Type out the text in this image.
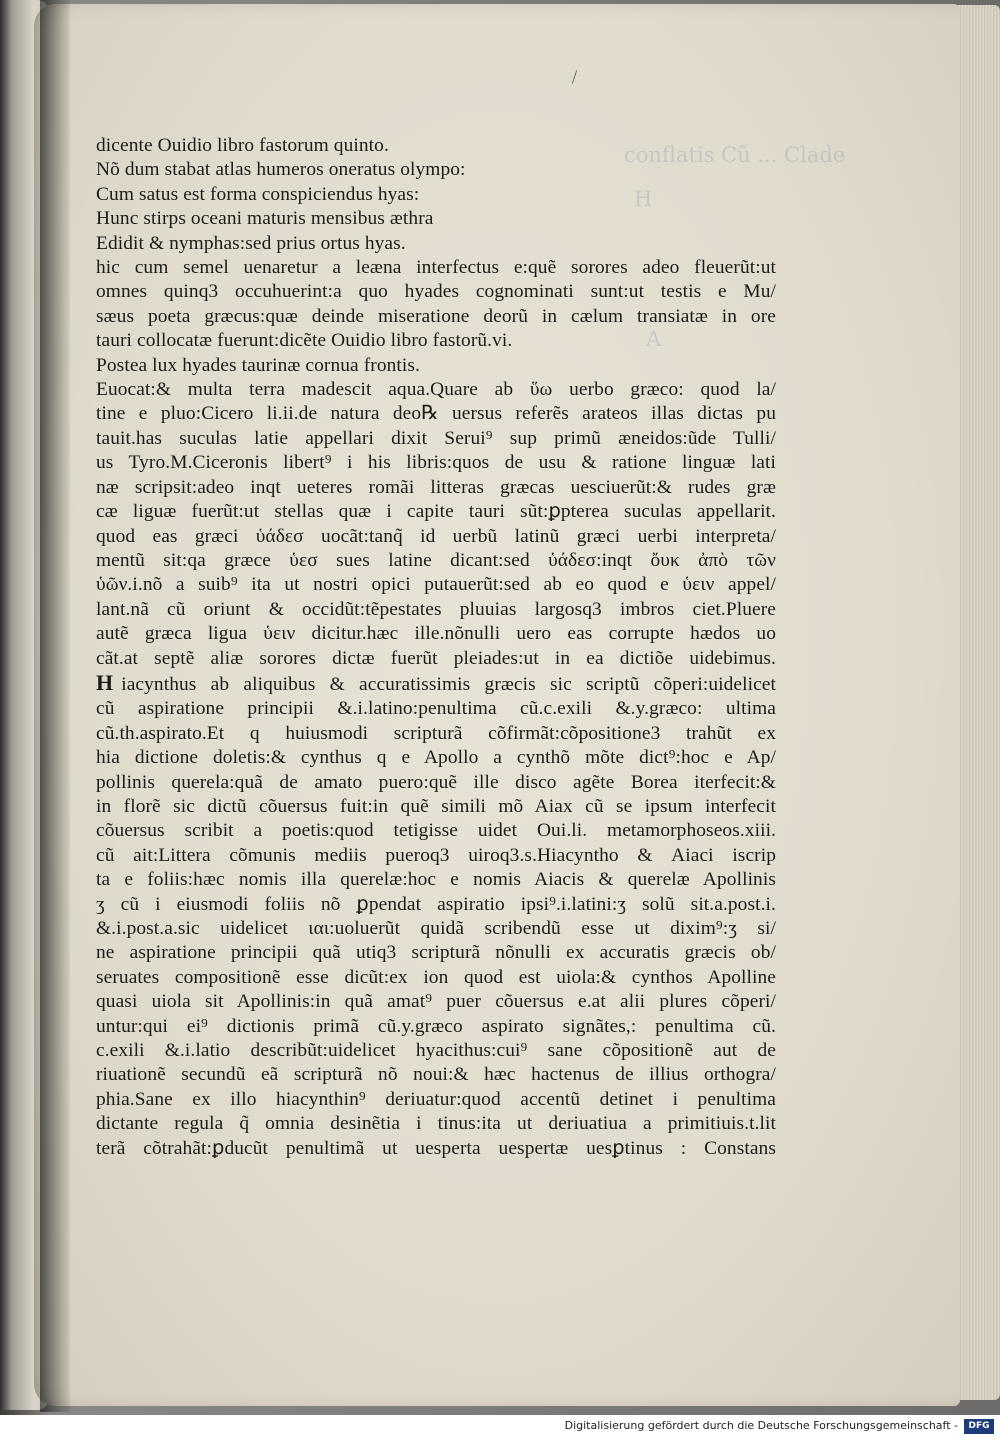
conflatis Cũ ... Clade
H
A
dicente Ouidio libro fastorum quinto.
Nõ dum stabat atlas humeros oneratus olympo:
Cum satus est forma conspiciendus hyas:
Hunc stirps oceani maturis mensibus æthra
Edidit & nymphas:sed prius ortus hyas.
hic cum semel uenaretur a leæna interfectus e:quẽ sorores adeo fleuerũt:ut
omnes quinq3 occuhuerint:a quo hyades cognominati sunt:ut testis e Mu/
sæus poeta græcus:quæ deinde miseratione deorũ in cælum transiatæ in ore
tauri collocatæ fuerunt:dicẽte Ouidio libro fastorũ.vi.
Postea lux hyades taurinæ cornua frontis.
Euocat:& multa terra madescit aqua.Quare ab ὕω uerbo græco: quod la/
tine e pluo:Cicero li.ii.de natura deo℞ uersus referẽs arateos illas dictas pu
tauit.has suculas latie appellari dixit Serui⁹ sup primũ æneidos:ũde Tulli/
us Tyro.M.Ciceronis libert⁹ i his libris:quos de usu & ratione linguæ lati
næ scripsit:adeo inqt ueteres romãi litteras græcas uesciuerũt:& rudes græ
cæ liguæ fuerũt:ut stellas quæ i capite tauri sũt:ꝑpterea suculas appellarit.
quod eas græci ὑάδεσ uocãt:tanq̃ id uerbũ latinũ græci uerbi interpreta/
mentũ sit:qa græce ὑεσ sues latine dicant:sed ὑάδεσ:inqt ὄυκ ἀπὸ τῶν
ὑῶν.i.nõ a suib⁹ ita ut nostri opici putauerũt:sed ab eo quod e ὑειν appel/
lant.nã cũ oriunt & occidũt:tẽpestates pluuias largosq3 imbros ciet.Pluere
autẽ græca ligua ὑειν dicitur.hæc ille.nõnulli uero eas corrupte hædos uo
cãt.at septẽ aliæ sorores dictæ fuerũt pleiades:ut in ea dictiõe uidebimus.
H iacynthus ab aliquibus & accuratissimis græcis sic scriptũ cõperi:uidelicet
cũ aspiratione principii &.i.latino:penultima cũ.c.exili &.y.græco: ultima
cũ.th.aspirato.Et q huiusmodi scripturã cõfirmãt:cõpositione3 trahũt ex
hia dictione doletis:& cynthus q e Apollo a cynthõ mõte dict⁹:hoc e Ap/
pollinis querela:quã de amato puero:quẽ ille disco agẽte Borea iterfecit:&
in florẽ sic dictũ cõuersus fuit:in quẽ simili mõ Aiax cũ se ipsum interfecit
cõuersus scribit a poetis:quod tetigisse uidet Oui.li. metamorphoseos.xiii.
cũ ait:Littera cõmunis mediis pueroq3 uiroq3.s.Hiacynthο & Aiaci iscrip
ta e foliis:hæc nomis illa querelæ:hoc e nomis Aiacis & querelæ Apollinis
ʒ cũ i eiusmodi foliis nõ ꝑpendat aspiratio ipsi⁹.i.latini:ʒ solũ sit.a.post.i.
&.i.post.a.sic uidelicet ιαι:uoluerũt quidã scribendũ esse ut dixim⁹:ʒ si/
ne aspiratione principii quã utiq3 scripturã nõnulli ex accuratis græcis ob/
seruates compositionẽ esse dicũt:ex ion quod est uiola:& cynthos Apolline
quasi uiola sit Apollinis:in quã amat⁹ puer cõuersus e.at alii plures cõperi/
untur:qui ei⁹ dictionis primã cũ.y.græco aspirato signãtes,: penultima cũ.
c.exili &.i.latio describũt:uidelicet hyacithus:cui⁹ sane cõpositionẽ aut de
riuationẽ secundũ eã scripturã nõ noui:& hæc hactenus de illius orthogra/
phia.Sane ex illo hiacynthin⁹ deriuatur:quod accentũ detinet i penultima
dictante regula q̃ omnia desinẽtia i tinus:ita ut deriuatiua a primitiuis.t.lit
terã cõtrahãt:ꝑducũt penultimã ut uesperta uespertæ uesꝑtinus : Constans
Digitalisierung gefördert durch die Deutsche Forschungsgemeinschaft -	DFG
